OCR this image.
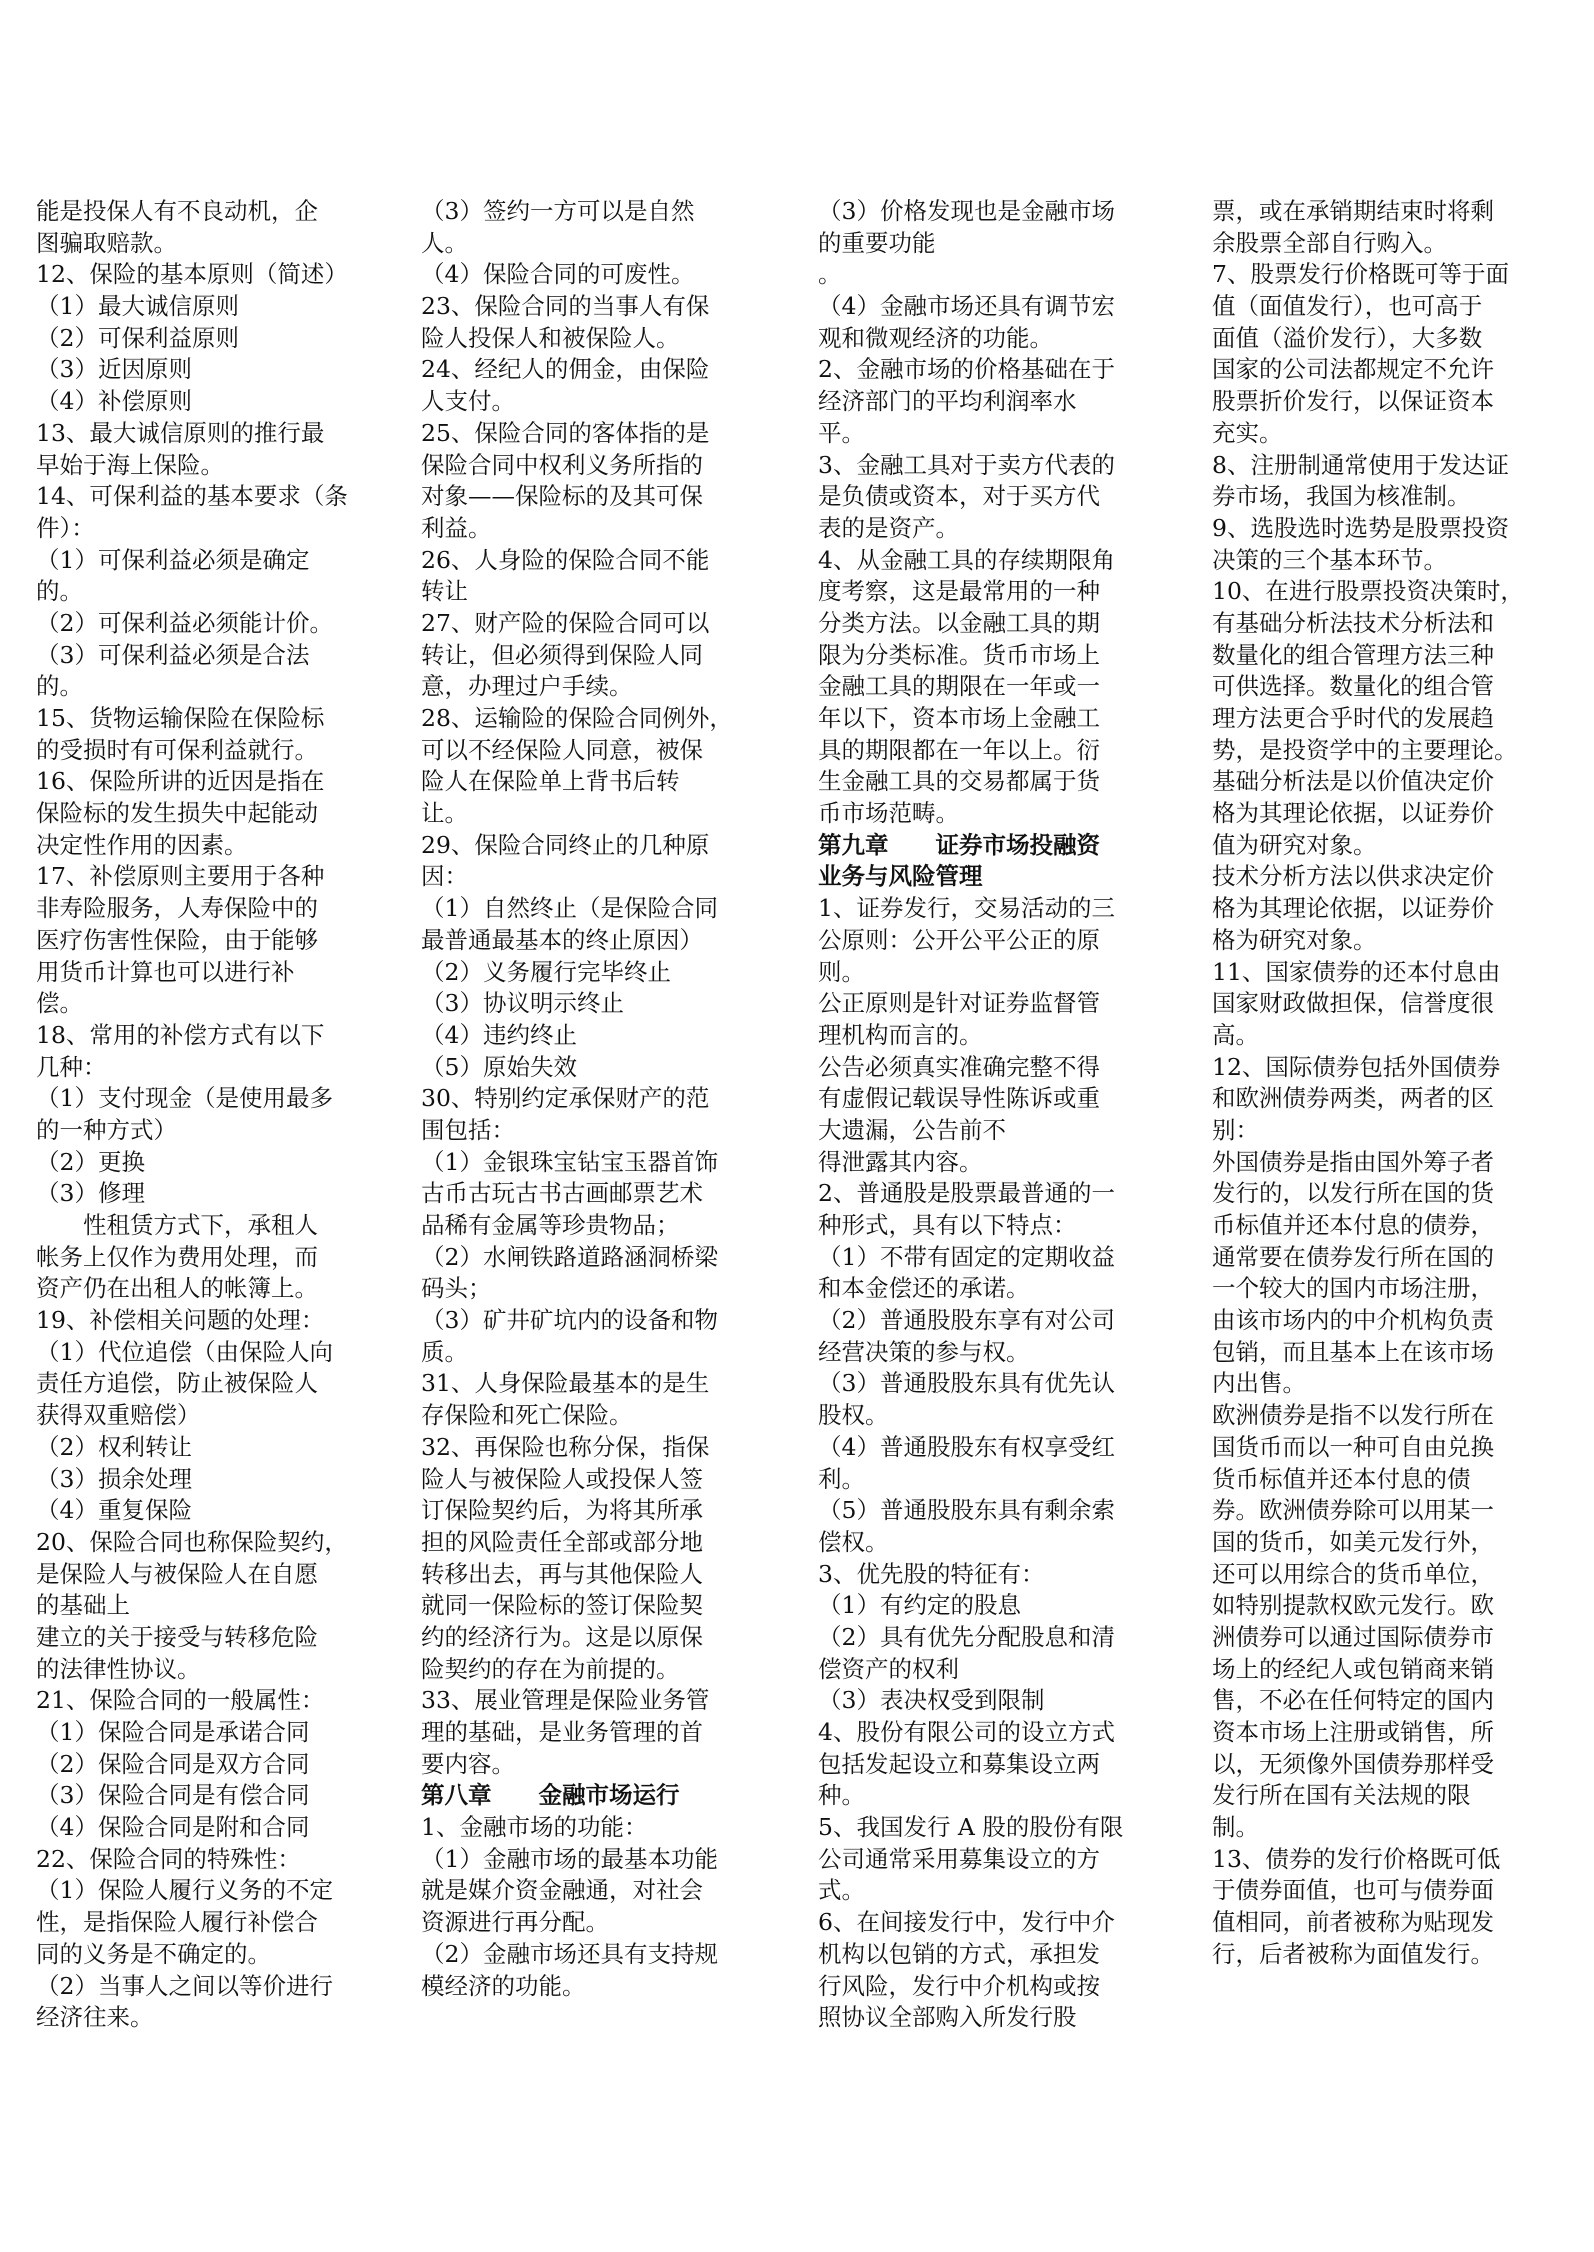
能是投保人有不良动机，企
图骗取赔款。
12、保险的基本原则（简述）
（1）最大诚信原则
（2）可保利益原则
（3）近因原则
（4）补偿原则
13、最大诚信原则的推行最
早始于海上保险。
14、可保利益的基本要求（条
件）：
（1）可保利益必须是确定
的。
（2）可保利益必须能计价。
（3）可保利益必须是合法
的。
15、货物运输保险在保险标
的受损时有可保利益就行。
16、保险所讲的近因是指在
保险标的发生损失中起能动
决定性作用的因素。
17、补偿原则主要用于各种
非寿险服务，人寿保险中的
医疗伤害性保险，由于能够
用货币计算也可以进行补
偿。
18、常用的补偿方式有以下
几种：
（1）支付现金（是使用最多
的一种方式）
（2）更换
（3）修理
　　性租赁方式下，承租人
帐务上仅作为费用处理，而
资产仍在出租人的帐簿上。
19、补偿相关问题的处理：
（1）代位追偿（由保险人向
责任方追偿，防止被保险人
获得双重赔偿）
（2）权利转让
（3）损余处理
（4）重复保险
20、保险合同也称保险契约，
是保险人与被保险人在自愿
的基础上
建立的关于接受与转移危险
的法律性协议。
21、保险合同的一般属性：
（1）保险合同是承诺合同
（2）保险合同是双方合同
（3）保险合同是有偿合同
（4）保险合同是附和合同
22、保险合同的特殊性：
（1）保险人履行义务的不定
性，是指保险人履行补偿合
同的义务是不确定的。
（2）当事人之间以等价进行
经济往来。
（3）签约一方可以是自然
人。
（4）保险合同的可废性。
23、保险合同的当事人有保
险人投保人和被保险人。
24、经纪人的佣金，由保险
人支付。
25、保险合同的客体指的是
保险合同中权利义务所指的
对象——保险标的及其可保
利益。
26、人身险的保险合同不能
转让
27、财产险的保险合同可以
转让，但必须得到保险人同
意，办理过户手续。
28、运输险的保险合同例外，
可以不经保险人同意，被保
险人在保险单上背书后转
让。
29、保险合同终止的几种原
因：
（1）自然终止（是保险合同
最普通最基本的终止原因）
（2）义务履行完毕终止
（3）协议明示终止
（4）违约终止
（5）原始失效
30、特别约定承保财产的范
围包括：
（1）金银珠宝钻宝玉器首饰
古币古玩古书古画邮票艺术
品稀有金属等珍贵物品；
（2）水闸铁路道路涵洞桥梁
码头；
（3）矿井矿坑内的设备和物
质。
31、人身保险最基本的是生
存保险和死亡保险。
32、再保险也称分保，指保
险人与被保险人或投保人签
订保险契约后，为将其所承
担的风险责任全部或部分地
转移出去，再与其他保险人
就同一保险标的签订保险契
约的经济行为。这是以原保
险契约的存在为前提的。
33、展业管理是保险业务管
理的基础，是业务管理的首
要内容。
第八章　　金融市场运行
1、金融市场的功能：
（1）金融市场的最基本功能
就是媒介资金融通，对社会
资源进行再分配。
（2）金融市场还具有支持规
模经济的功能。
（3）价格发现也是金融市场
的重要功能
。
（4）金融市场还具有调节宏
观和微观经济的功能。
2、金融市场的价格基础在于
经济部门的平均利润率水
平。
3、金融工具对于卖方代表的
是负债或资本，对于买方代
表的是资产。
4、从金融工具的存续期限角
度考察，这是最常用的一种
分类方法。以金融工具的期
限为分类标准。货币市场上
金融工具的期限在一年或一
年以下，资本市场上金融工
具的期限都在一年以上。衍
生金融工具的交易都属于货
币市场范畴。
第九章　　证券市场投融资
业务与风险管理
1、证券发行，交易活动的三
公原则：公开公平公正的原
则。
公正原则是针对证券监督管
理机构而言的。
公告必须真实准确完整不得
有虚假记载误导性陈诉或重
大遗漏，公告前不
得泄露其内容。
2、普通股是股票最普通的一
种形式，具有以下特点：
（1）不带有固定的定期收益
和本金偿还的承诺。
（2）普通股股东享有对公司
经营决策的参与权。
（3）普通股股东具有优先认
股权。
（4）普通股股东有权享受红
利。
（5）普通股股东具有剩余索
偿权。
3、优先股的特征有：
（1）有约定的股息
（2）具有优先分配股息和清
偿资产的权利
（3）表决权受到限制
4、股份有限公司的设立方式
包括发起设立和募集设立两
种。
5、我国发行 A 股的股份有限
公司通常采用募集设立的方
式。
6、在间接发行中，发行中介
机构以包销的方式，承担发
行风险，发行中介机构或按
照协议全部购入所发行股
票，或在承销期结束时将剩
余股票全部自行购入。
7、股票发行价格既可等于面
值（面值发行），也可高于
面值（溢价发行），大多数
国家的公司法都规定不允许
股票折价发行，以保证资本
充实。
8、注册制通常使用于发达证
券市场，我国为核准制。
9、选股选时选势是股票投资
决策的三个基本环节。
10、在进行股票投资决策时，
有基础分析法技术分析法和
数量化的组合管理方法三种
可供选择。数量化的组合管
理方法更合乎时代的发展趋
势，是投资学中的主要理论。
基础分析法是以价值决定价
格为其理论依据，以证券价
值为研究对象。
技术分析方法以供求决定价
格为其理论依据，以证券价
格为研究对象。
11、国家债券的还本付息由
国家财政做担保，信誉度很
高。
12、国际债券包括外国债券
和欧洲债券两类，两者的区
别：
外国债券是指由国外筹子者
发行的，以发行所在国的货
币标值并还本付息的债券，
通常要在债券发行所在国的
一个较大的国内市场注册，
由该市场内的中介机构负责
包销，而且基本上在该市场
内出售。
欧洲债券是指不以发行所在
国货币而以一种可自由兑换
货币标值并还本付息的债
券。欧洲债券除可以用某一
国的货币，如美元发行外，
还可以用综合的货币单位，
如特别提款权欧元发行。欧
洲债券可以通过国际债券市
场上的经纪人或包销商来销
售，不必在任何特定的国内
资本市场上注册或销售，所
以，无须像外国债券那样受
发行所在国有关法规的限
制。
13、债券的发行价格既可低
于债券面值，也可与债券面
值相同，前者被称为贴现发
行，后者被称为面值发行。
